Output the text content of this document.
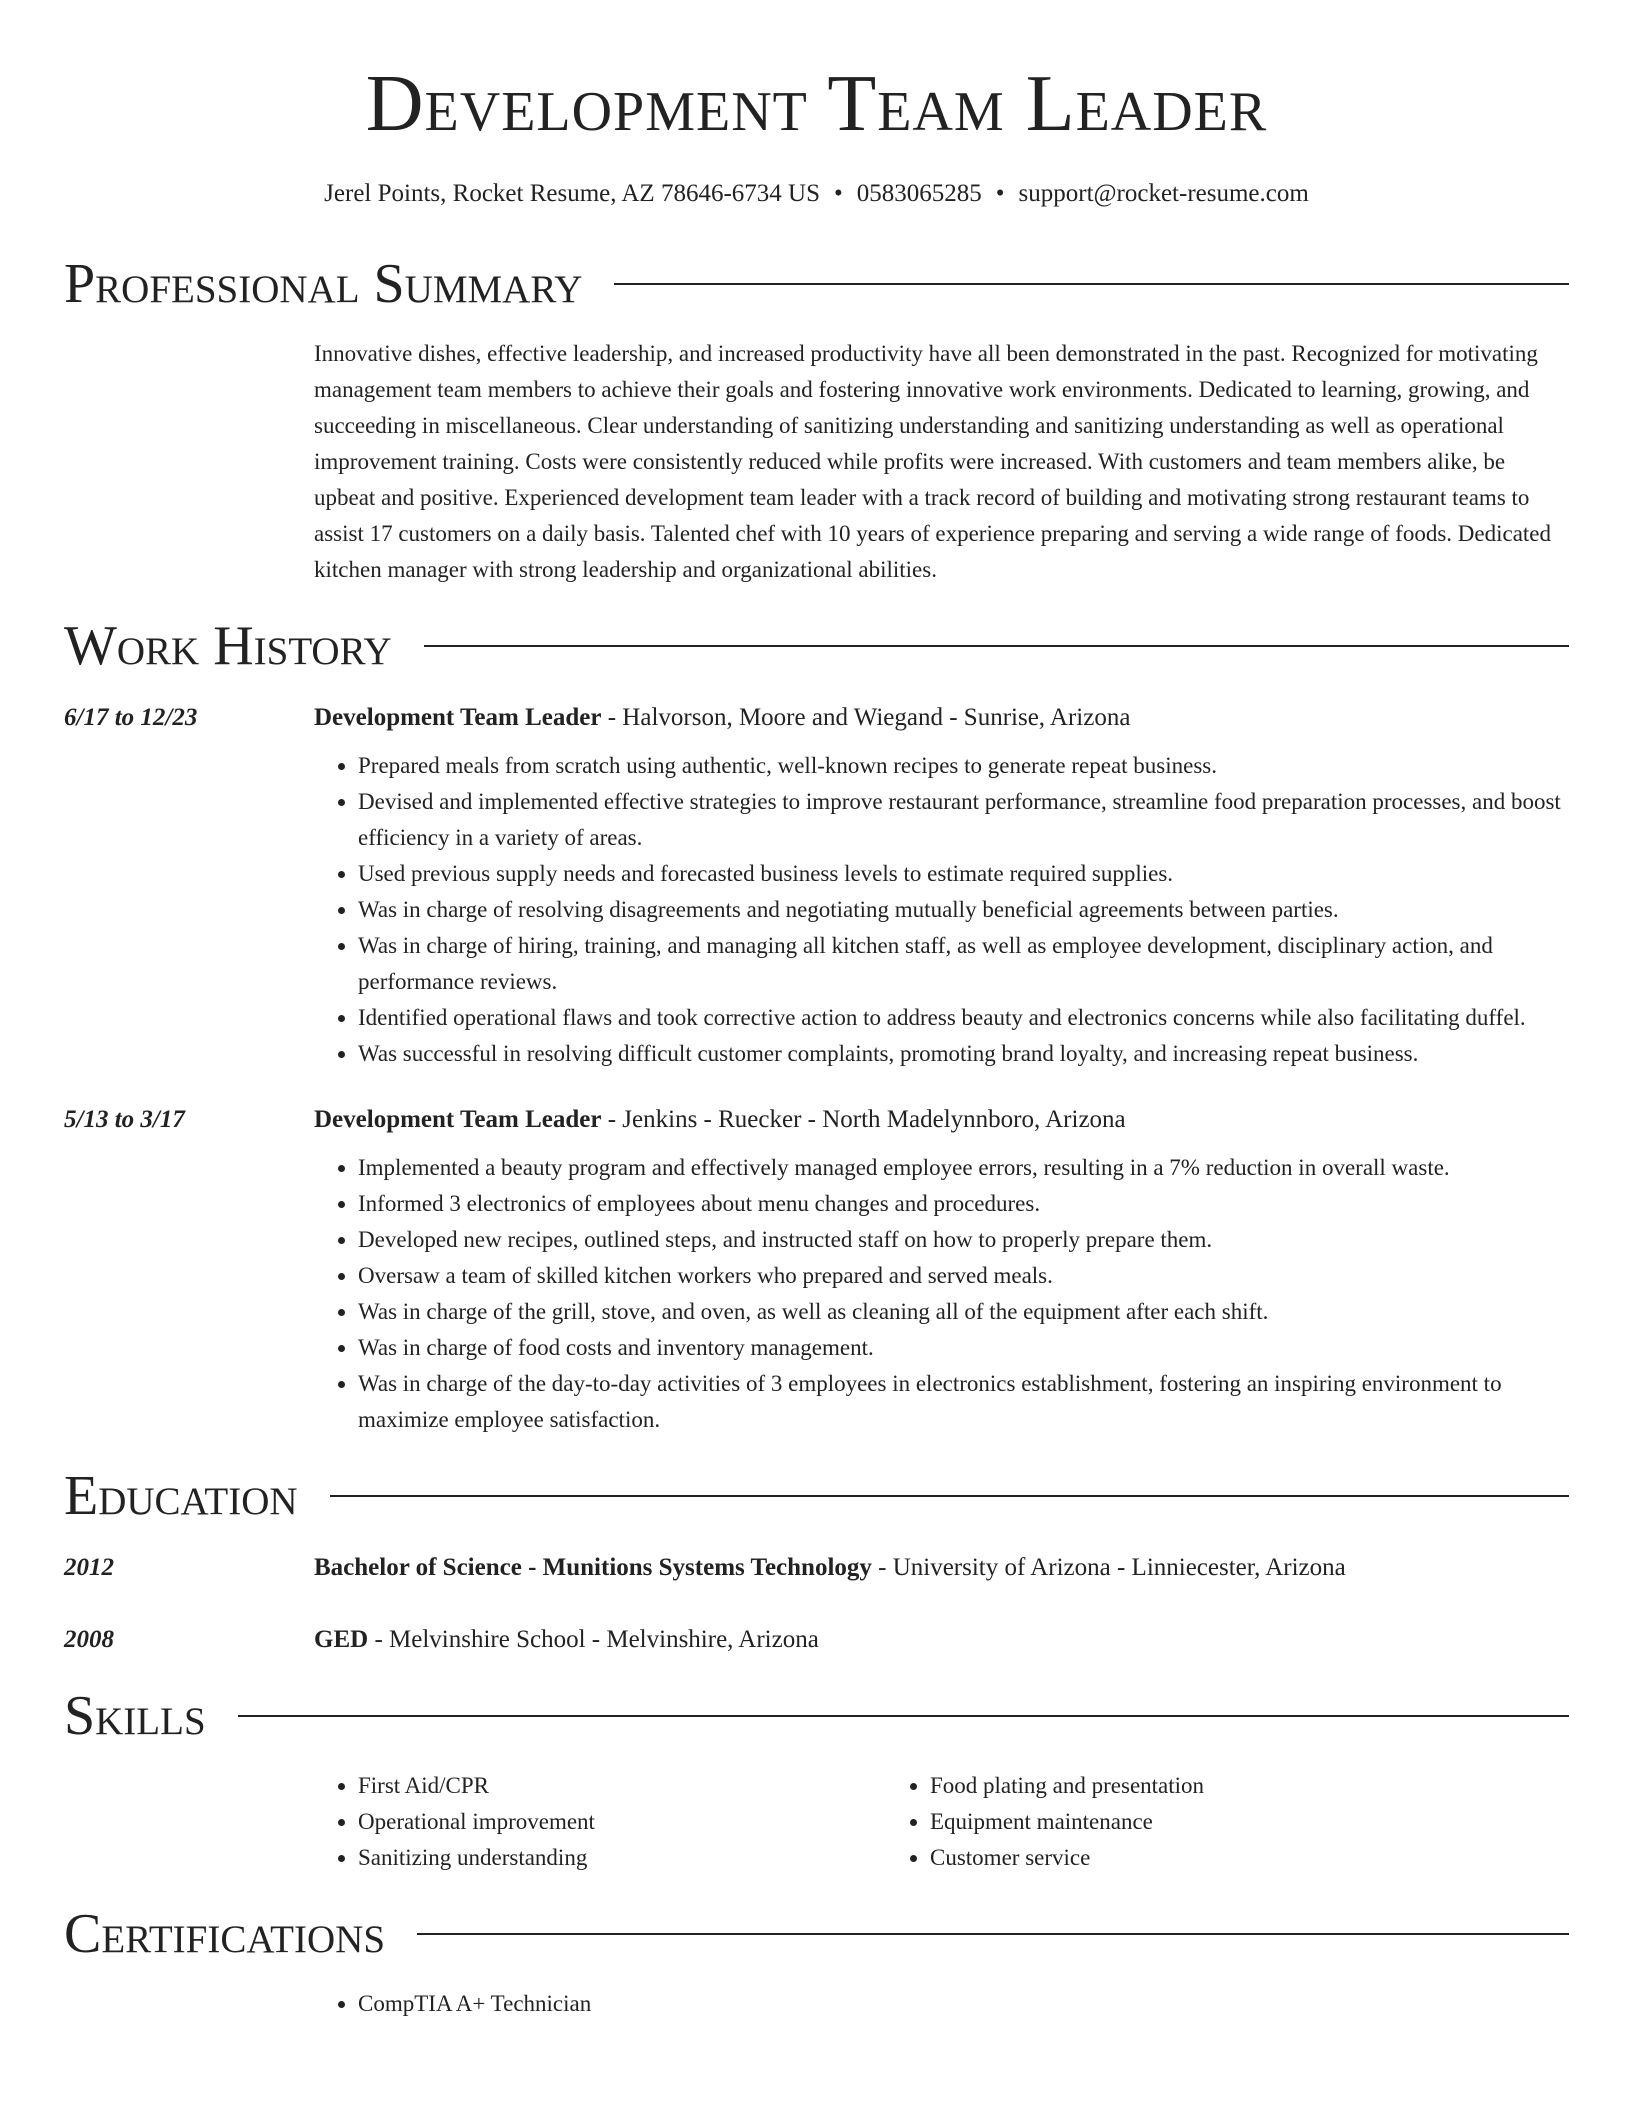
Development Team Leader
Jerel Points, Rocket Resume, AZ 78646-6734 US • 0583065285 • support@rocket-resume.com
Professional Summary
Innovative dishes, effective leadership, and increased productivity have all been demonstrated in the past. Recognized for motivating management team members to achieve their goals and fostering innovative work environments. Dedicated to learning, growing, and succeeding in miscellaneous. Clear understanding of sanitizing understanding and sanitizing understanding as well as operational improvement training. Costs were consistently reduced while profits were increased. With customers and team members alike, be upbeat and positive. Experienced development team leader with a track record of building and motivating strong restaurant teams to assist 17 customers on a daily basis. Talented chef with 10 years of experience preparing and serving a wide range of foods. Dedicated kitchen manager with strong leadership and organizational abilities.
Work History
6/17 to 12/23	Development Team Leader - Halvorson, Moore and Wiegand - Sunrise, Arizona
• Prepared meals from scratch using authentic, well-known recipes to generate repeat business.
• Devised and implemented effective strategies to improve restaurant performance, streamline food preparation processes, and boost efficiency in a variety of areas.
• Used previous supply needs and forecasted business levels to estimate required supplies.
• Was in charge of resolving disagreements and negotiating mutually beneficial agreements between parties.
• Was in charge of hiring, training, and managing all kitchen staff, as well as employee development, disciplinary action, and performance reviews.
• Identified operational flaws and took corrective action to address beauty and electronics concerns while also facilitating duffel.
• Was successful in resolving difficult customer complaints, promoting brand loyalty, and increasing repeat business.
5/13 to 3/17	Development Team Leader - Jenkins - Ruecker - North Madelynnboro, Arizona
• Implemented a beauty program and effectively managed employee errors, resulting in a 7% reduction in overall waste.
• Informed 3 electronics of employees about menu changes and procedures.
• Developed new recipes, outlined steps, and instructed staff on how to properly prepare them.
• Oversaw a team of skilled kitchen workers who prepared and served meals.
• Was in charge of the grill, stove, and oven, as well as cleaning all of the equipment after each shift.
• Was in charge of food costs and inventory management.
• Was in charge of the day-to-day activities of 3 employees in electronics establishment, fostering an inspiring environment to maximize employee satisfaction.
Education
2012	Bachelor of Science - Munitions Systems Technology - University of Arizona - Linniecester, Arizona
2008	GED - Melvinshire School - Melvinshire, Arizona
Skills
• First Aid/CPR
• Operational improvement
• Sanitizing understanding
• Food plating and presentation
• Equipment maintenance
• Customer service
Certifications
• CompTIA A+ Technician
